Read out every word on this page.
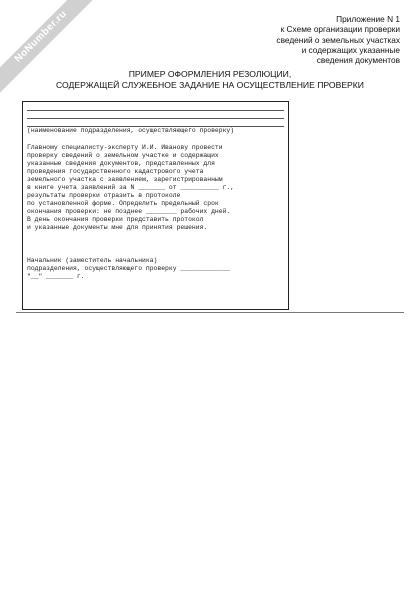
NoNumber.ru	Приложение N 1
к Схеме организации проверки
сведений о земельных участках
и содержащих указанные
сведения документов
ПРИМЕР ОФОРМЛЕНИЯ РЕЗОЛЮЦИИ,
СОДЕРЖАЩЕЙ СЛУЖЕБНОЕ ЗАДАНИЕ НА ОСУЩЕСТВЛЕНИЕ ПРОВЕРКИ
(наименование подразделения, осуществляющего проверку)
Главному специалисту-эксперту И.И. Иванову провести
проверку сведений о земельном участке и содержащих
указанные сведения документов, представленных для
проведения государственного кадастрового учета
земельного участка с заявлением, зарегистрированным
в книге учета заявлений за N _______ от __________ г.,
результаты проверки отразить в протоколе
по установленной форме. Определить предельный срок
окончания проверки: не позднее ________ рабочих дней.
В день окончания проверки представить протокол
и указанные документы мне для принятия решения.
Начальник (заместитель начальника)
подразделения, осуществляющего проверку _____________
"__" _______ г.
